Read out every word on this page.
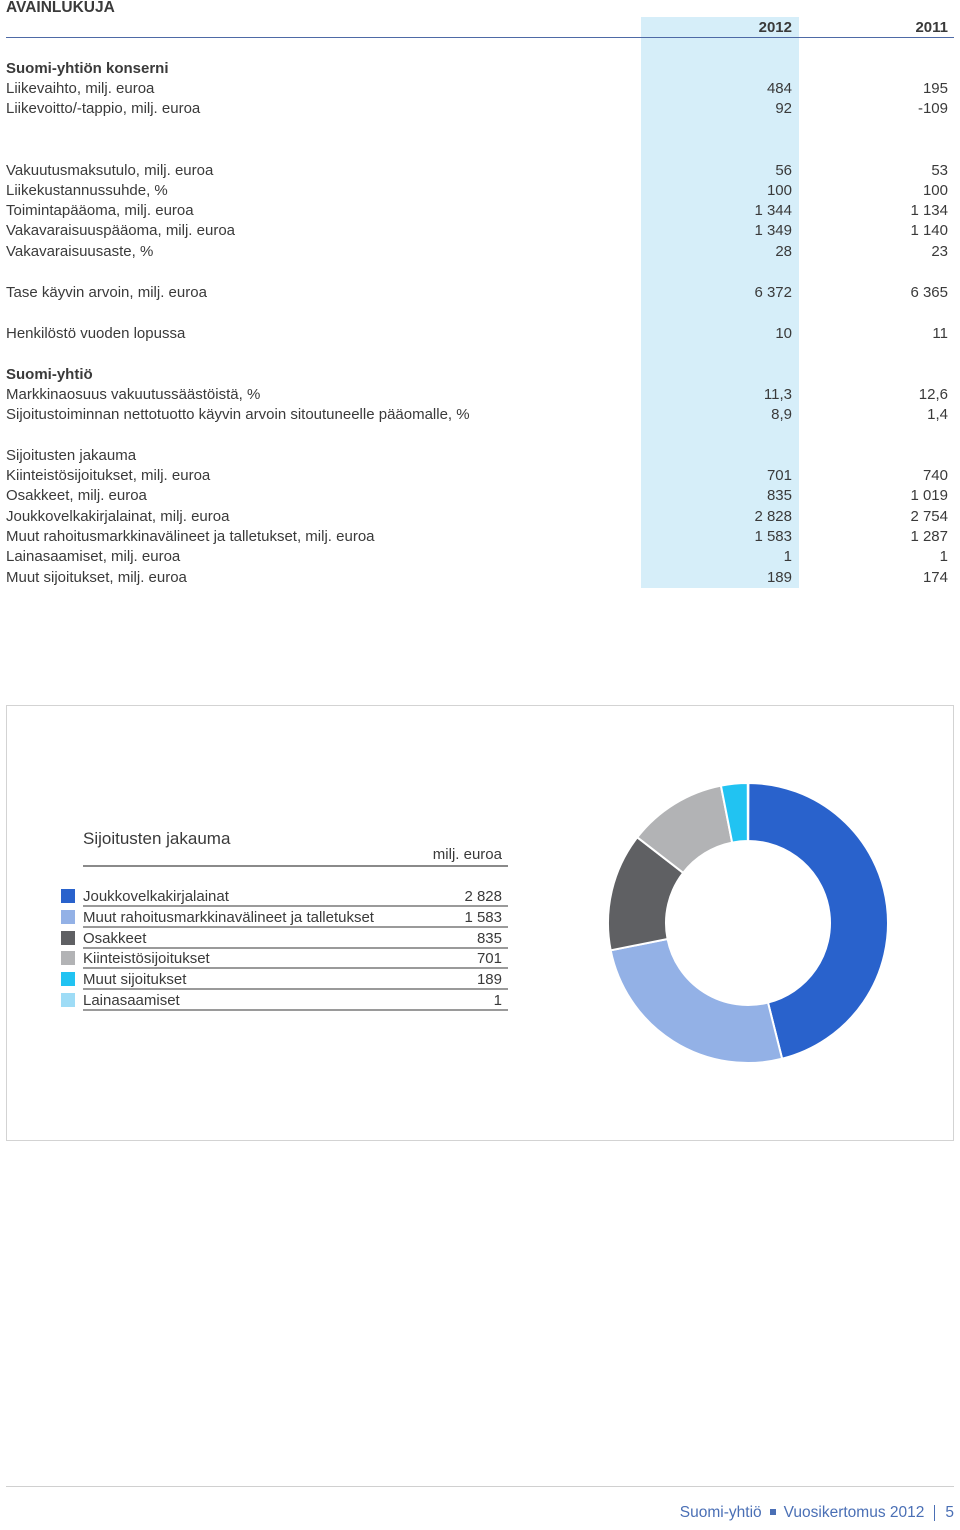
AVAINLUKUJA
2012	2011
Suomi-yhtiön konserni
Liikevaihto, milj. euroa	484	195
Liikevoitto/-tappio, milj. euroa	92	-109
Vakuutusmaksutulo, milj. euroa	56	53
Liikekustannussuhde, %	100	100
Toimintapääoma, milj. euroa	1 344	1 134
Vakavaraisuuspääoma, milj. euroa	1 349	1 140
Vakavaraisuusaste, %	28	23
Tase käyvin arvoin, milj. euroa	6 372	6 365
Henkilöstö vuoden lopussa	10	11
Suomi-yhtiö
Markkinaosuus vakuutussäästöistä, %	11,3	12,6
Sijoitustoiminnan nettotuotto käyvin arvoin sitoutuneelle pääomalle, %	8,9	1,4
Sijoitusten jakauma
Kiinteistösijoitukset, milj. euroa	701	740
Osakkeet, milj. euroa	835	1 019
Joukkovelkakirjalainat, milj. euroa	2 828	2 754
Muut rahoitusmarkkinavälineet ja talletukset, milj. euroa	1 583	1 287
Lainasaamiset, milj. euroa	1	1
Muut sijoitukset, milj. euroa	189	174
Sijoitusten jakauma
milj. euroa
Joukkovelkakirjalainat	2 828
Muut rahoitusmarkkinavälineet ja talletukset	1 583
Osakkeet	835
Kiinteistösijoitukset	701
Muut sijoitukset	189
Lainasaamiset	1
Suomi-yhtiö Vuosikertomus 2012 5
